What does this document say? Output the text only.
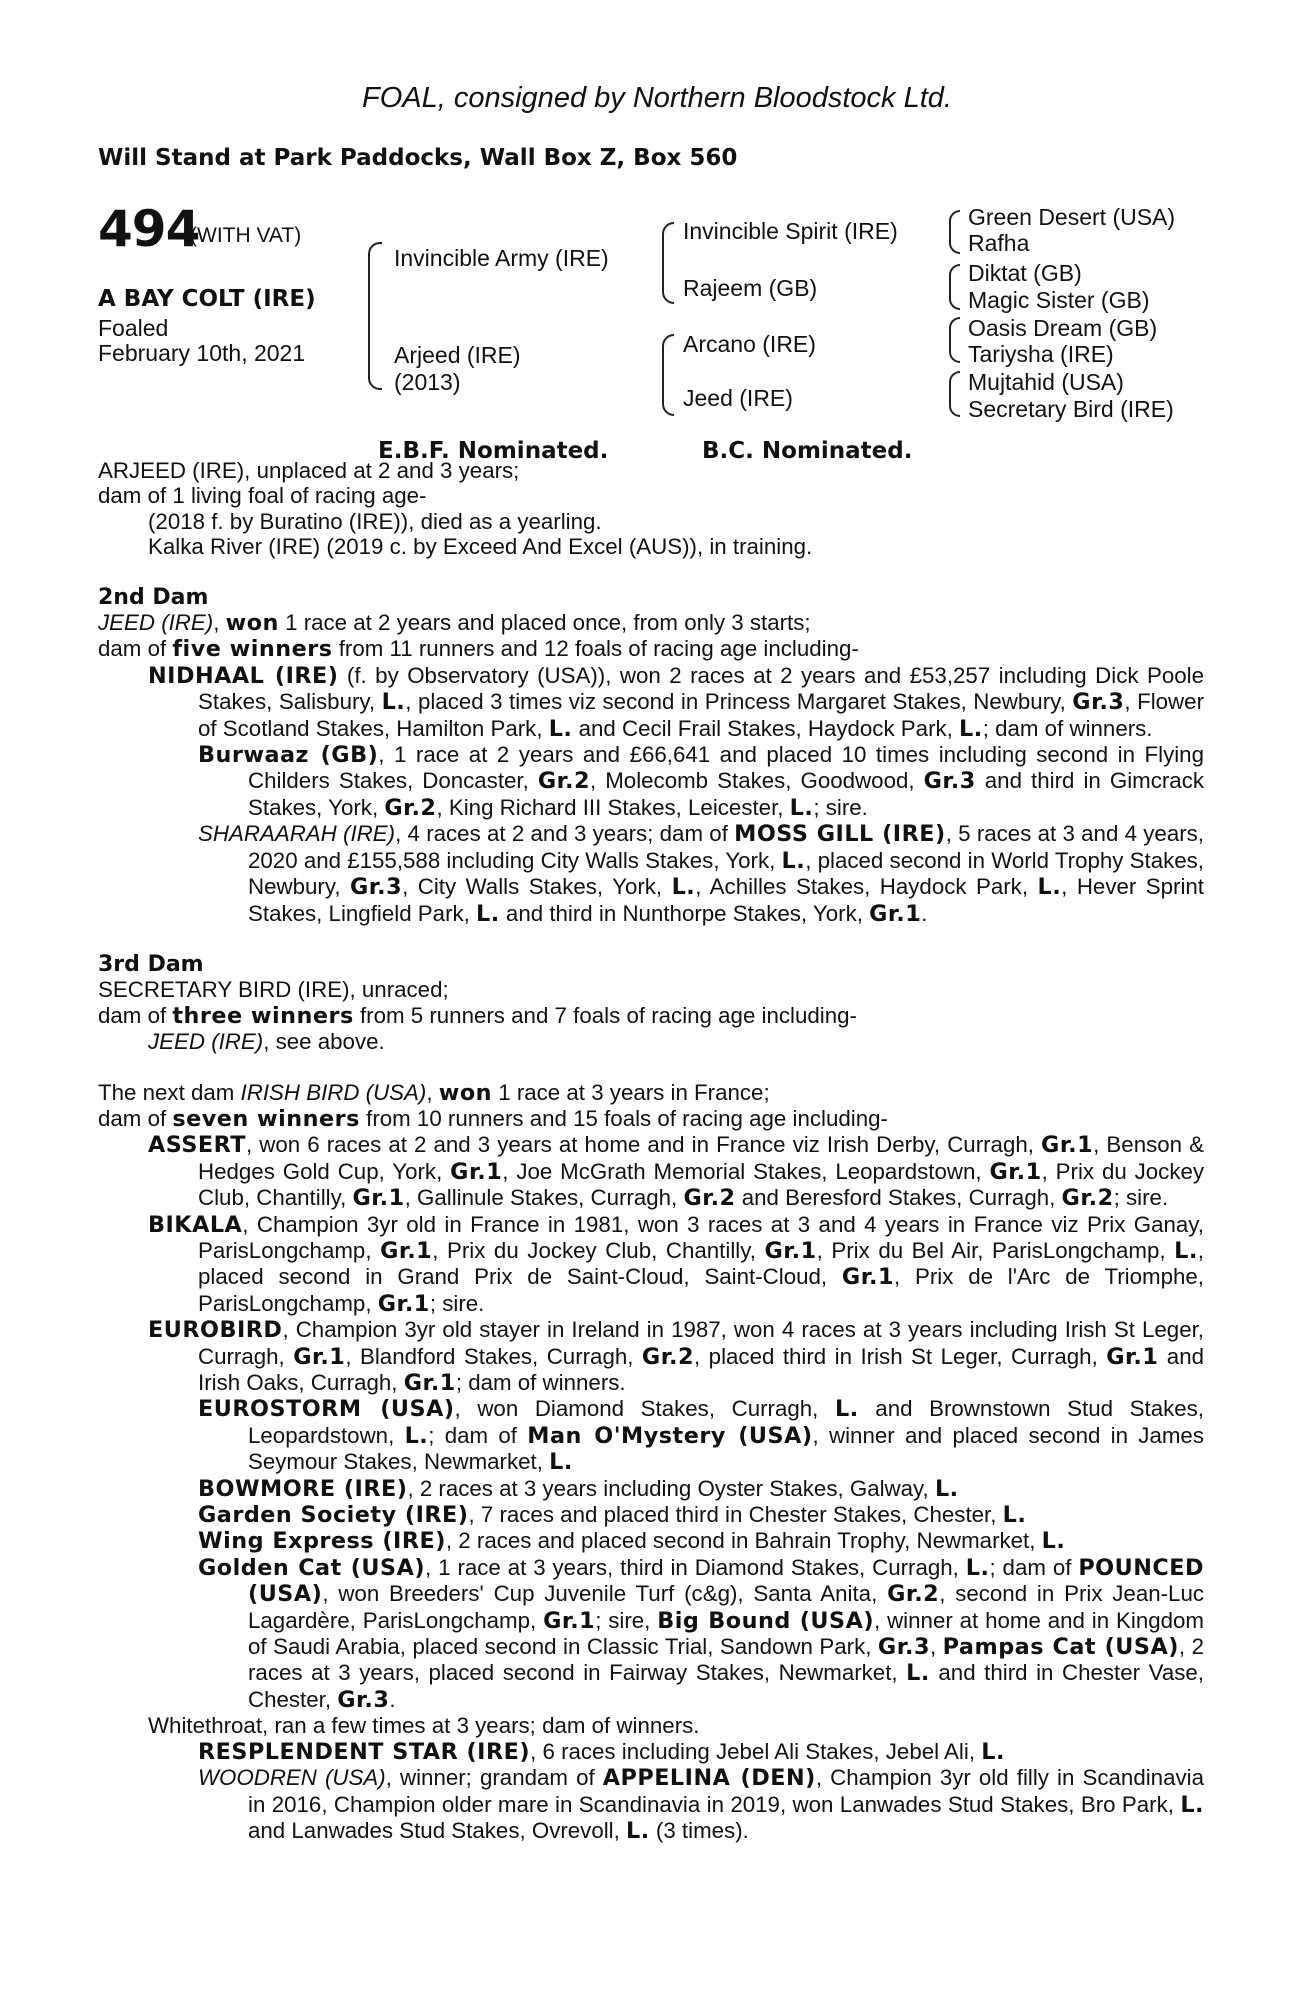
FOAL, consigned by Northern Bloodstock Ltd.
Will Stand at Park Paddocks, Wall Box Z, Box 560
494
(WITH VAT)
A BAY COLT (IRE)
Foaled
February 10th, 2021
Invincible Army (IRE)
Arjeed (IRE)
(2013)
Invincible Spirit (IRE)
Rajeem (GB)
Arcano (IRE)
Jeed (IRE)
Green Desert (USA)
Rafha
Diktat (GB)
Magic Sister (GB)
Oasis Dream (GB)
Tariysha (IRE)
Mujtahid (USA)
Secretary Bird (IRE)
E.B.F. Nominated.	B.C. Nominated.

ARJEED (IRE), unplaced at 2 and 3 years;
dam of 1 living foal of racing age-

(2018 f. by Buratino (IRE)), died as a yearling.

Kalka River (IRE) (2019 c. by Exceed And Excel (AUS)), in training.

2nd Dam

JEED (IRE), won 1 race at 2 years and placed once, from only 3 starts;
dam of five winners from 11 runners and 12 foals of racing age including-

NIDHAAL (IRE) (f. by Observatory (USA)), won 2 races at 2 years and £53,257 including Dick Poole Stakes, Salisbury, L., placed 3 times viz second in Princess Margaret Stakes, Newbury, Gr.3, Flower of Scotland Stakes, Hamilton Park, L. and Cecil Frail Stakes, Haydock Park, L.; dam of winners.

Burwaaz (GB), 1 race at 2 years and £66,641 and placed 10 times including second in Flying Childers Stakes, Doncaster, Gr.2, Molecomb Stakes, Goodwood, Gr.3 and third in Gimcrack Stakes, York, Gr.2, King Richard III Stakes, Leicester, L.; sire.

SHARAARAH (IRE), 4 races at 2 and 3 years; dam of MOSS GILL (IRE), 5 races at 3 and 4 years, 2020 and £155,588 including City Walls Stakes, York, L., placed second in World Trophy Stakes, Newbury, Gr.3, City Walls Stakes, York, L., Achilles Stakes, Haydock Park, L., Hever Sprint Stakes, Lingfield Park, L. and third in Nunthorpe Stakes, York, Gr.1.

3rd Dam

SECRETARY BIRD (IRE), unraced;
dam of three winners from 5 runners and 7 foals of racing age including-

JEED (IRE), see above.

The next dam IRISH BIRD (USA), won 1 race at 3 years in France;
dam of seven winners from 10 runners and 15 foals of racing age including-

ASSERT, won 6 races at 2 and 3 years at home and in France viz Irish Derby, Curragh, Gr.1, Benson & Hedges Gold Cup, York, Gr.1, Joe McGrath Memorial Stakes, Leopardstown, Gr.1, Prix du Jockey Club, Chantilly, Gr.1, Gallinule Stakes, Curragh, Gr.2 and Beresford Stakes, Curragh, Gr.2; sire.

BIKALA, Champion 3yr old in France in 1981, won 3 races at 3 and 4 years in France viz Prix Ganay, ParisLongchamp, Gr.1, Prix du Jockey Club, Chantilly, Gr.1, Prix du Bel Air, ParisLongchamp, L., placed second in Grand Prix de Saint-Cloud, Saint-Cloud, Gr.1, Prix de l'Arc de Triomphe, ParisLongchamp, Gr.1; sire.

EUROBIRD, Champion 3yr old stayer in Ireland in 1987, won 4 races at 3 years including Irish St Leger, Curragh, Gr.1, Blandford Stakes, Curragh, Gr.2, placed third in Irish St Leger, Curragh, Gr.1 and Irish Oaks, Curragh, Gr.1; dam of winners.

EUROSTORM (USA), won Diamond Stakes, Curragh, L. and Brownstown Stud Stakes, Leopardstown, L.; dam of Man O'Mystery (USA), winner and placed second in James Seymour Stakes, Newmarket, L.

BOWMORE (IRE), 2 races at 3 years including Oyster Stakes, Galway, L.

Garden Society (IRE), 7 races and placed third in Chester Stakes, Chester, L.

Wing Express (IRE), 2 races and placed second in Bahrain Trophy, Newmarket, L.

Golden Cat (USA), 1 race at 3 years, third in Diamond Stakes, Curragh, L.; dam of POUNCED (USA), won Breeders' Cup Juvenile Turf (c&g), Santa Anita, Gr.2, second in Prix Jean-Luc Lagardère, ParisLongchamp, Gr.1; sire, Big Bound (USA), winner at home and in Kingdom of Saudi Arabia, placed second in Classic Trial, Sandown Park, Gr.3, Pampas Cat (USA), 2 races at 3 years, placed second in Fairway Stakes, Newmarket, L. and third in Chester Vase, Chester, Gr.3.

Whitethroat, ran a few times at 3 years; dam of winners.

RESPLENDENT STAR (IRE), 6 races including Jebel Ali Stakes, Jebel Ali, L.

WOODREN (USA), winner; grandam of APPELINA (DEN), Champion 3yr old filly in Scandinavia in 2016, Champion older mare in Scandinavia in 2019, won Lanwades Stud Stakes, Bro Park, L. and Lanwades Stud Stakes, Ovrevoll, L. (3 times).
